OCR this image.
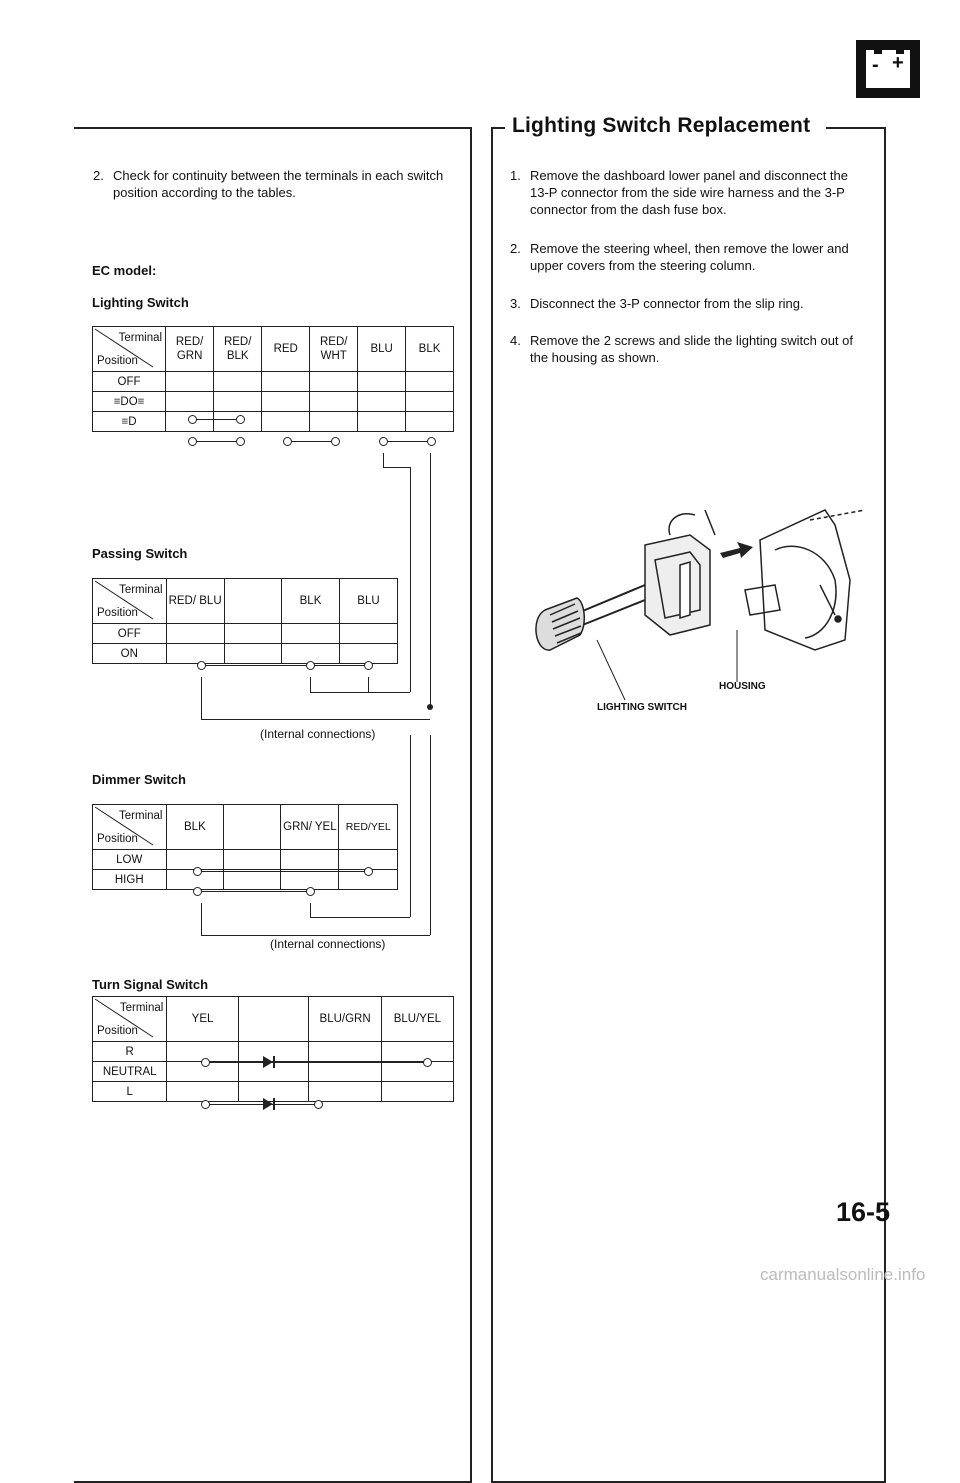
- +
2. Check for continuity between the terminals in each switch position according to the tables.
EC model:
Lighting Switch
Terminal
Position	RED/ GRN	RED/ BLK	RED	RED/ WHT	BLU	BLK
OFF						
≡DO≡						
≡D						
Passing Switch
Terminal
Position	RED/ BLU		BLK	BLU
OFF				
ON				
(Internal connections)
Dimmer Switch
Terminal
Position	BLK		GRN/ YEL	RED/YEL
LOW				
HIGH				
(Internal connections)
Turn Signal Switch
Terminal
Position	YEL		BLU/GRN	BLU/YEL
R				
NEUTRAL				
L				
Lighting Switch Replacement
1. Remove the dashboard lower panel and disconnect the 13-P connector from the side wire harness and the 3-P connector from the dash fuse box.
2. Remove the steering wheel, then remove the lower and upper covers from the steering column.
3. Disconnect the 3-P connector from the slip ring.
4. Remove the 2 screws and slide the lighting switch out of the housing as shown.
HOUSING
LIGHTING SWITCH
16-5
carmanualsonline.info
